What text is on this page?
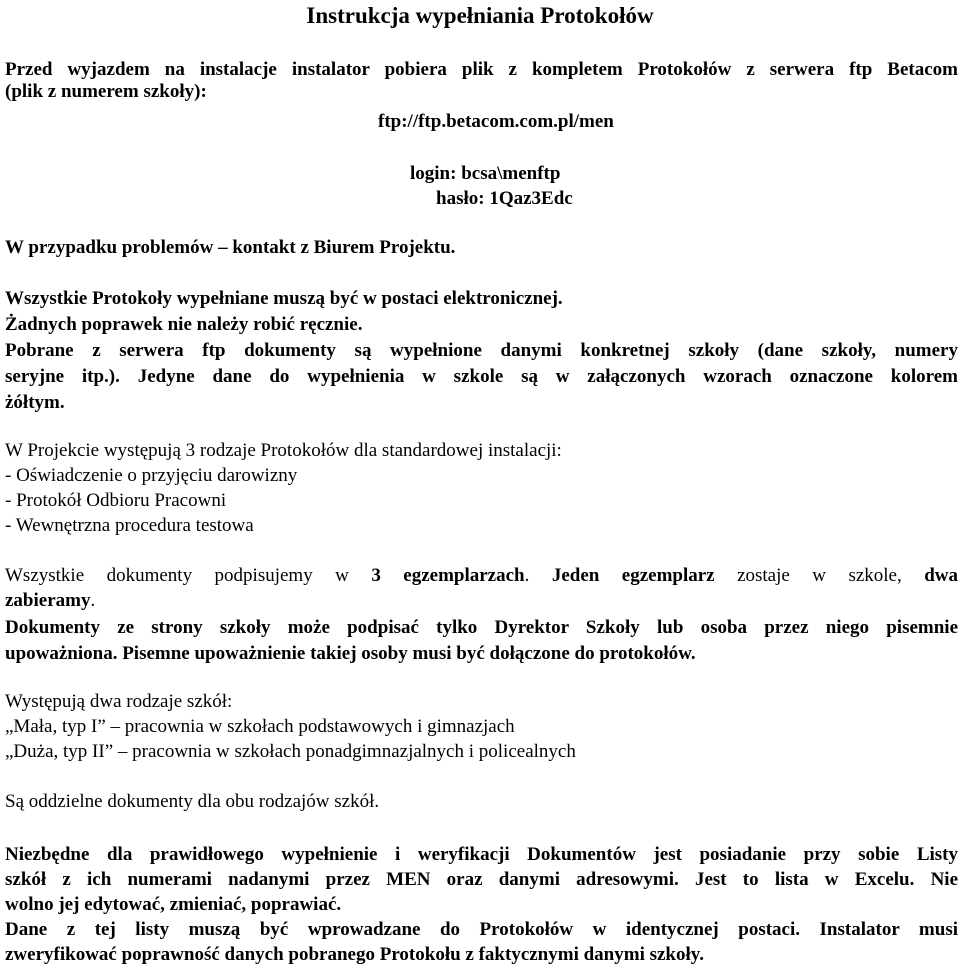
Instrukcja wypełniania Protokołów
Przed wyjazdem na instalacje instalator pobiera plik z kompletem Protokołów z serwera ftp Betacom
(plik z numerem szkoły):
ftp://ftp.betacom.com.pl/men
login: bcsa\menftp
hasło: 1Qaz3Edc
W przypadku problemów – kontakt z Biurem Projektu.
Wszystkie Protokoły wypełniane muszą być w postaci elektronicznej.
Żadnych poprawek nie należy robić ręcznie.
Pobrane z serwera ftp dokumenty są wypełnione danymi konkretnej szkoły (dane szkoły, numery
seryjne itp.). Jedyne dane do wypełnienia w szkole są w załączonych wzorach oznaczone kolorem
żółtym.
W Projekcie występują 3 rodzaje Protokołów dla standardowej instalacji:
- Oświadczenie o przyjęciu darowizny
- Protokół Odbioru Pracowni
- Wewnętrzna procedura testowa
Wszystkie dokumenty podpisujemy w 3 egzemplarzach. Jeden egzemplarz zostaje w szkole, dwa
zabieramy.
Dokumenty ze strony szkoły może podpisać tylko Dyrektor Szkoły lub osoba przez niego pisemnie
upoważniona. Pisemne upoważnienie takiej osoby musi być dołączone do protokołów.
Występują dwa rodzaje szkół:
„Mała, typ I” – pracownia w szkołach podstawowych i gimnazjach
„Duża, typ II” – pracownia w szkołach ponadgimnazjalnych i policealnych
Są oddzielne dokumenty dla obu rodzajów szkół.
Niezbędne dla prawidłowego wypełnienie i weryfikacji Dokumentów jest posiadanie przy sobie Listy
szkół z ich numerami nadanymi przez MEN oraz danymi adresowymi. Jest to lista w Excelu. Nie
wolno jej edytować, zmieniać, poprawiać.
Dane z tej listy muszą być wprowadzane do Protokołów w identycznej postaci. Instalator musi
zweryfikować poprawność danych pobranego Protokołu z faktycznymi danymi szkoły.
